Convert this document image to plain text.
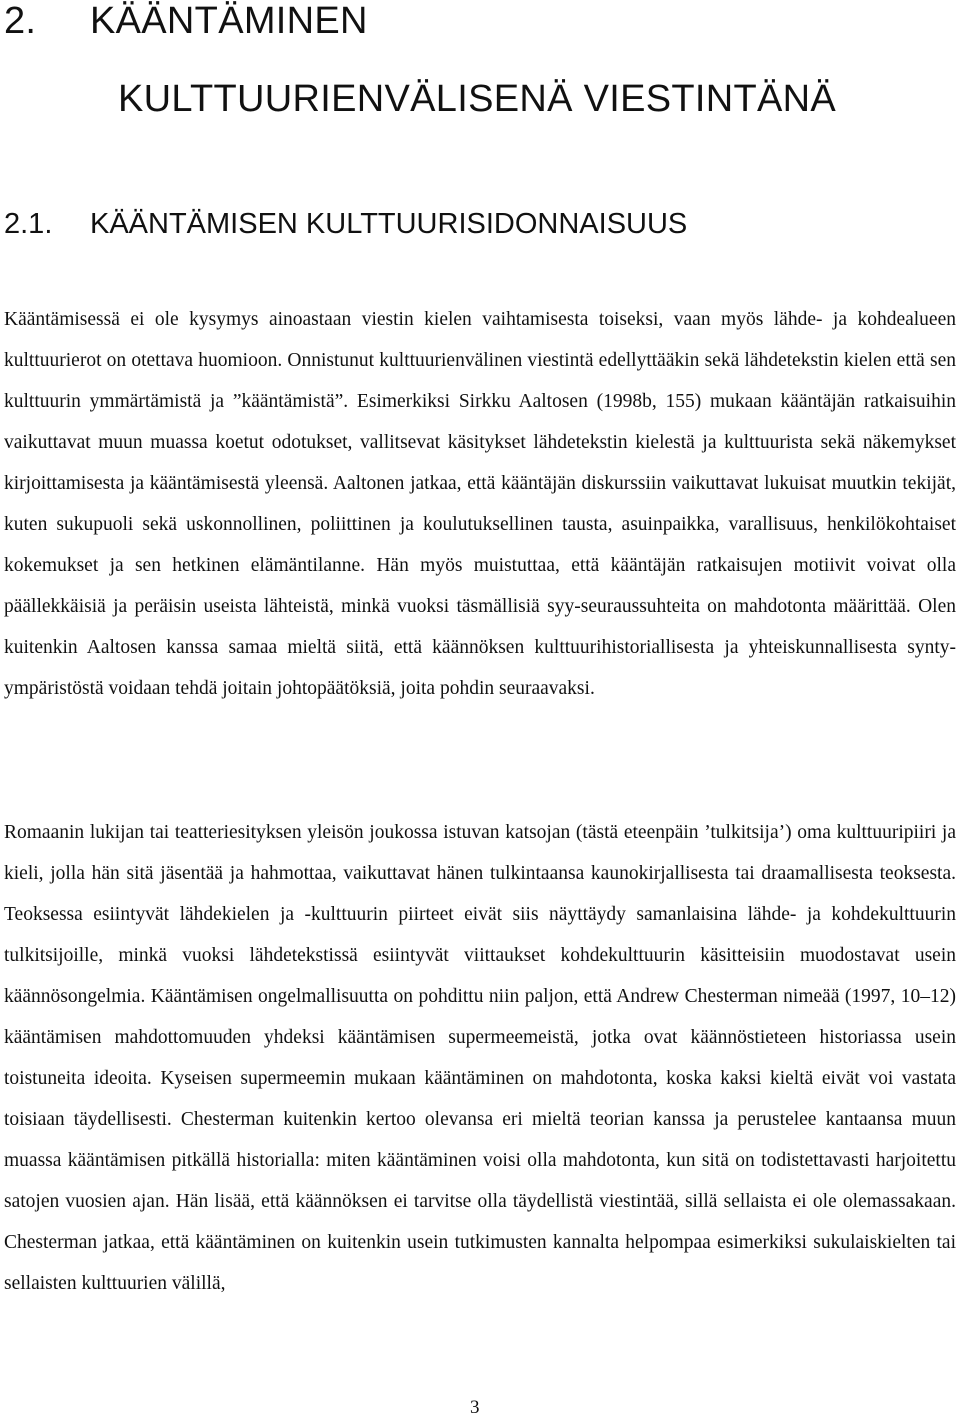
2. KÄÄNTÄMINEN
KULTTUURIENVÄLISENÄ VIESTINTÄNÄ
2.1. KÄÄNTÄMISEN KULTTUURISIDONNAISUUS

Kääntämisessä ei ole kysymys ainoastaan viestin kielen vaihtamisesta toiseksi, vaan myös lähde- ja kohdealueen kulttuurierot on otettava huomioon. Onnistunut kulttuurienvälinen viestintä edellyttääkin sekä lähdetekstin kielen että sen kulttuurin ymmärtämistä ja ”kääntämistä”. Esimerkiksi Sirkku Aaltosen (1998b, 155) mukaan kääntäjän ratkaisuihin vaikuttavat muun muassa koetut odotukset, vallitsevat käsitykset lähdetekstin kielestä ja kulttuurista sekä näkemykset kirjoittamisesta ja kääntämisestä yleensä. Aaltonen jatkaa, että kääntäjän diskurssiin vaikuttavat lukuisat muutkin tekijät, kuten sukupuoli sekä uskonnollinen, poliittinen ja koulutuksellinen tausta, asuinpaikka, varallisuus, henkilökohtaiset kokemukset ja sen hetkinen elämäntilanne. Hän myös muistuttaa, että kääntäjän ratkaisujen motiivit voivat olla päällekkäisiä ja peräisin useista lähteistä, minkä vuoksi täsmällisiä syy-seuraussuhteita on mahdotonta määrittää. Olen kuitenkin Aaltosen kanssa samaa mieltä siitä, että käännöksen kulttuurihistoriallisesta ja yhteiskunnallisesta synty-ympäristöstä voidaan tehdä joitain johtopäätöksiä, joita pohdin seuraavaksi.

Romaanin lukijan tai teatteriesityksen yleisön joukossa istuvan katsojan (tästä eteenpäin ’tulkitsija’) oma kulttuuripiiri ja kieli, jolla hän sitä jäsentää ja hahmottaa, vaikuttavat hänen tulkintaansa kaunokirjallisesta tai draamallisesta teoksesta. Teoksessa esiintyvät lähdekielen ja -kulttuurin piirteet eivät siis näyttäydy samanlaisina lähde- ja kohdekulttuurin tulkitsijoille, minkä vuoksi lähdetekstissä esiintyvät viittaukset kohdekulttuurin käsitteisiin muodostavat usein käännösongelmia. Kääntämisen ongelmallisuutta on pohdittu niin paljon, että Andrew Chesterman nimeää (1997, 10–12) kääntämisen mahdottomuuden yhdeksi kääntämisen supermeemeistä, jotka ovat käännöstieteen historiassa usein toistuneita ideoita. Kyseisen supermeemin mukaan kääntäminen on mahdotonta, koska kaksi kieltä eivät voi vastata toisiaan täydellisesti. Chesterman kuitenkin kertoo olevansa eri mieltä teorian kanssa ja perustelee kantaansa muun muassa kääntämisen pitkällä historialla: miten kääntäminen voisi olla mahdotonta, kun sitä on todistettavasti harjoitettu satojen vuosien ajan. Hän lisää, että käännöksen ei tarvitse olla täydellistä viestintää, sillä sellaista ei ole olemassakaan. Chesterman jatkaa, että kääntäminen on kuitenkin usein tutkimusten kannalta helpompaa esimerkiksi sukulaiskielten tai sellaisten kulttuurien välillä,

3
